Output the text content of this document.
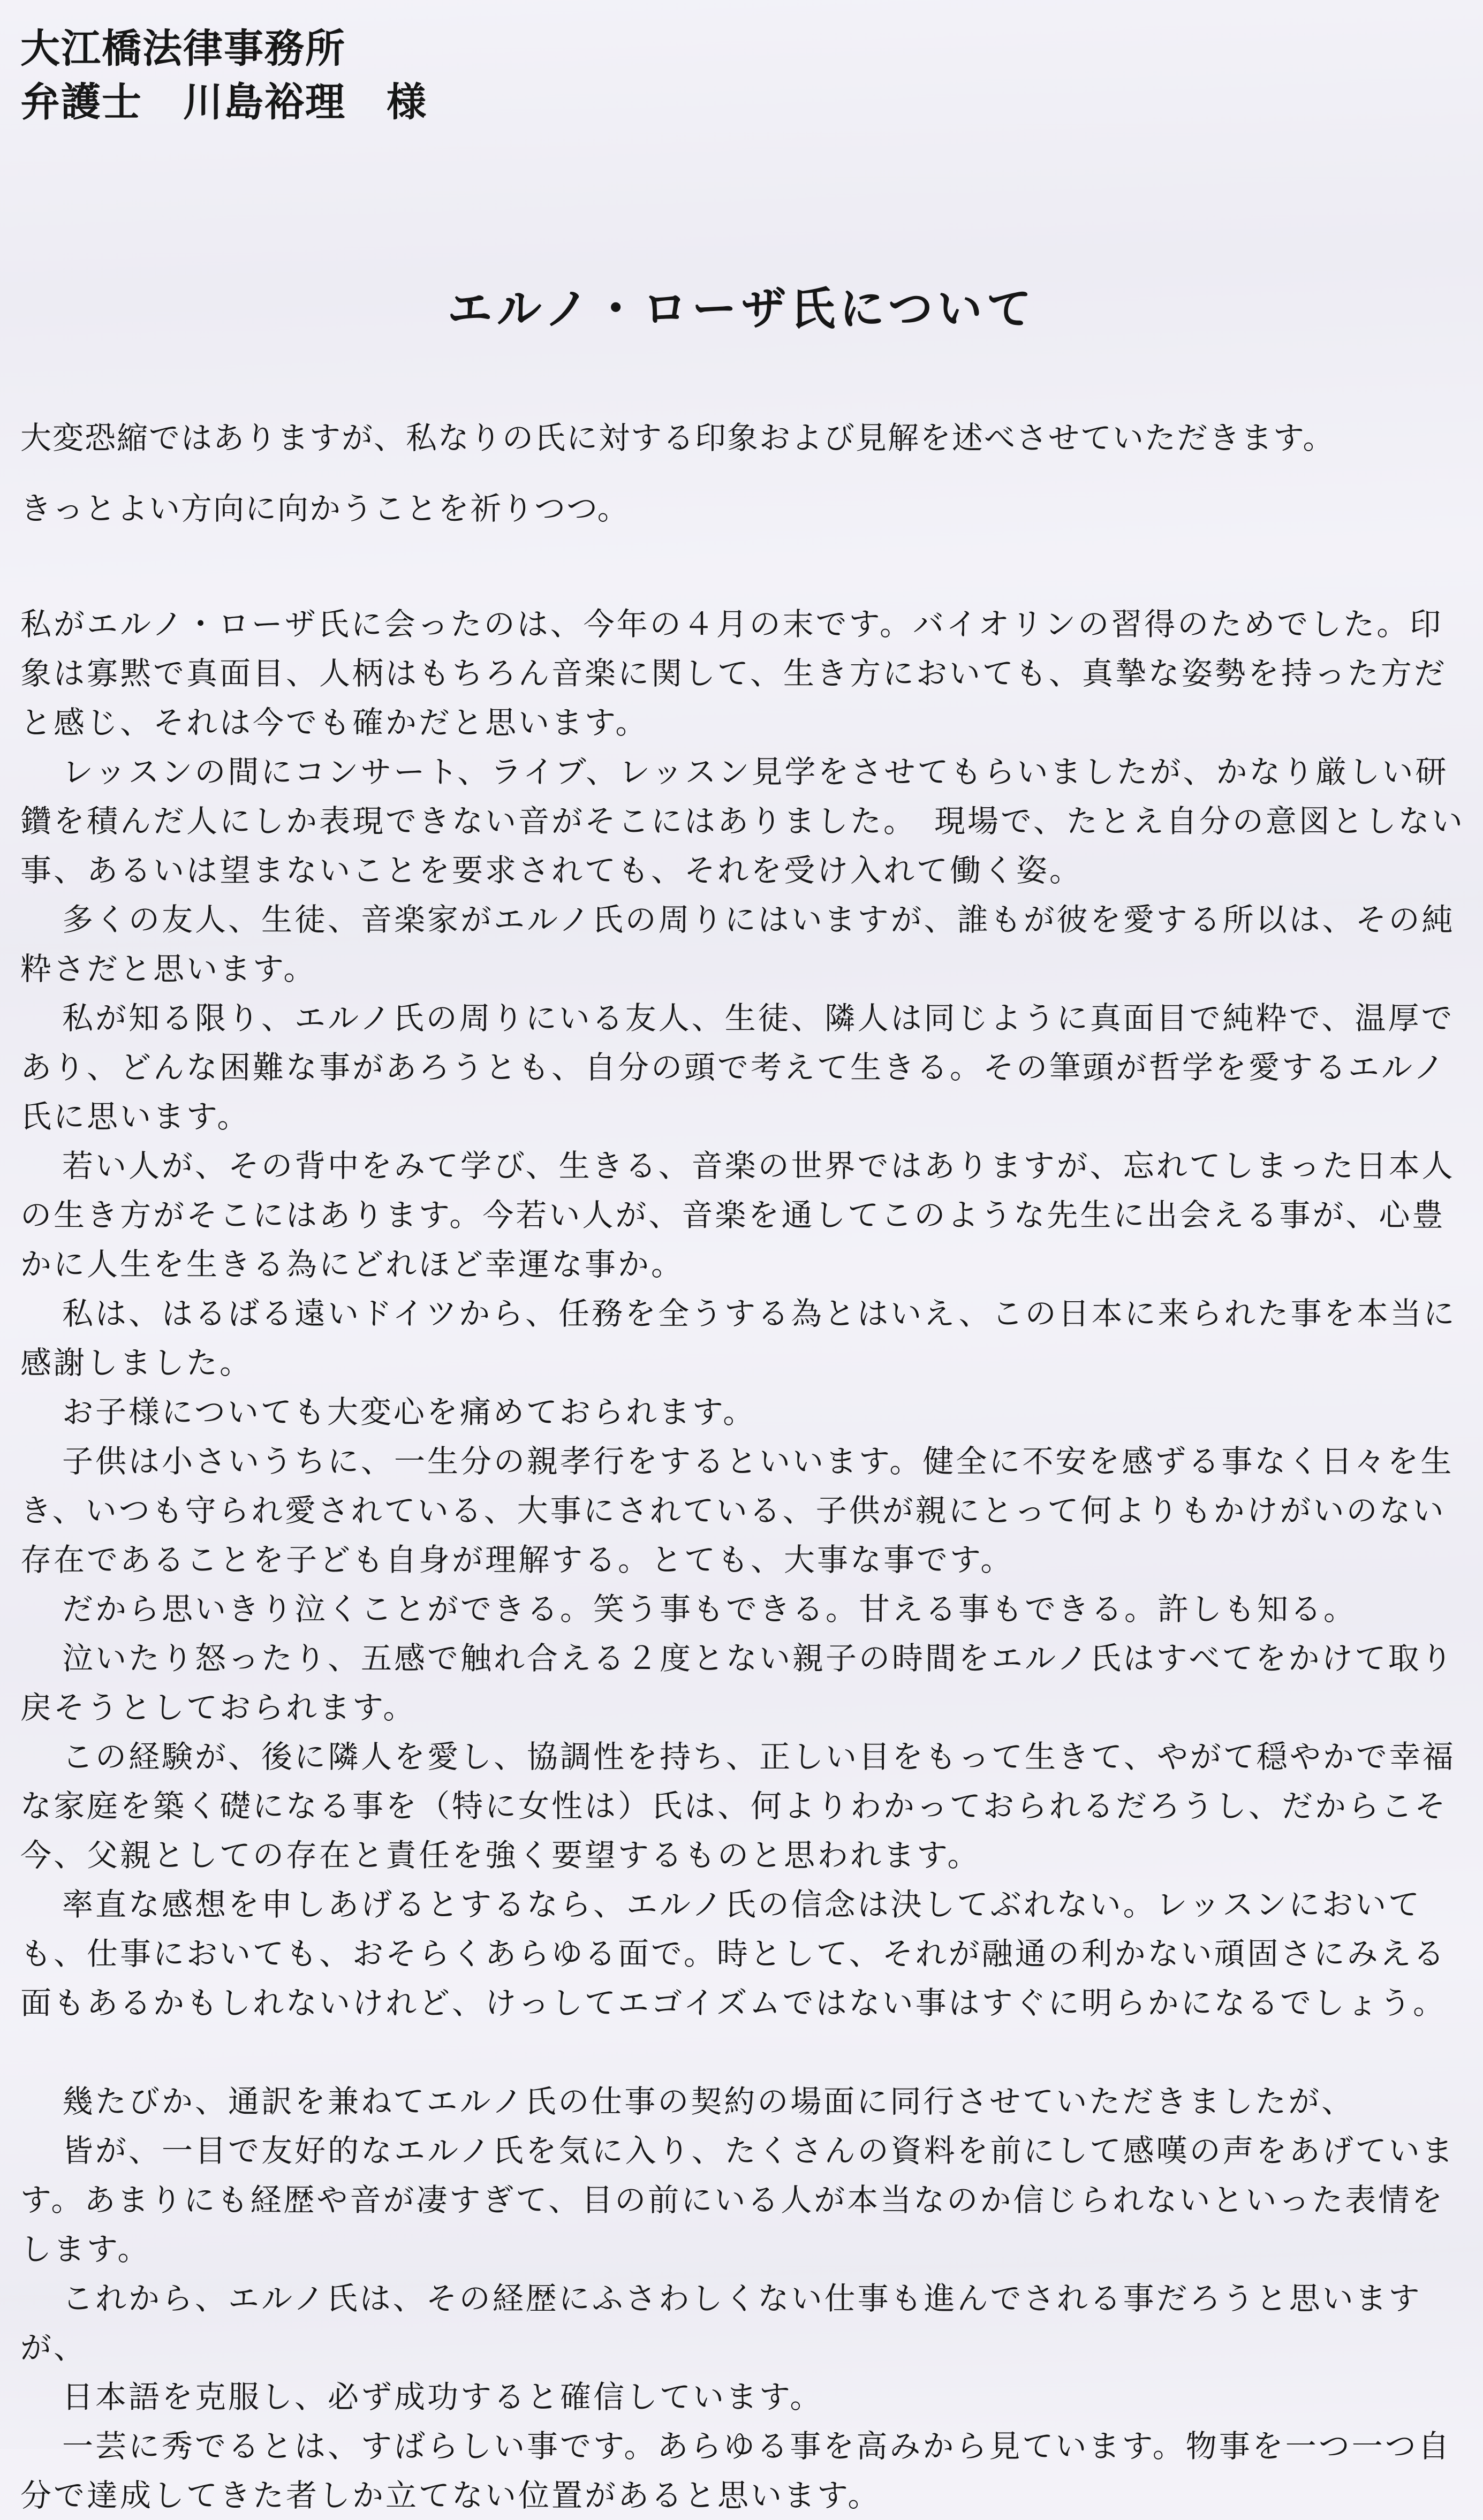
大江橋法律事務所

弁護士　川島裕理　様

エルノ・ローザ氏について

大変恐縮ではありますが、私なりの氏に対する印象および見解を述べさせていただきます。

きっとよい方向に向かうことを祈りつつ。

私がエルノ・ローザ氏に会ったのは、今年の４月の末です。バイオリンの習得のためでした。印象は寡黙で真面目、人柄はもちろん音楽に関して、生き方においても、真摯な姿勢を持った方だと感じ、それは今でも確かだと思います。

レッスンの間にコンサート、ライブ、レッスン見学をさせてもらいましたが、かなり厳しい研鑽を積んだ人にしか表現できない音がそこにはありました。　現場で、たとえ自分の意図としない事、あるいは望まないことを要求されても、それを受け入れて働く姿。

多くの友人、生徒、音楽家がエルノ氏の周りにはいますが、誰もが彼を愛する所以は、その純粋さだと思います。

私が知る限り、エルノ氏の周りにいる友人、生徒、隣人は同じように真面目で純粋で、温厚であり、どんな困難な事があろうとも、自分の頭で考えて生きる。その筆頭が哲学を愛するエルノ氏に思います。

若い人が、その背中をみて学び、生きる、音楽の世界ではありますが、忘れてしまった日本人の生き方がそこにはあります。今若い人が、音楽を通してこのような先生に出会える事が、心豊かに人生を生きる為にどれほど幸運な事か。

私は、はるばる遠いドイツから、任務を全うする為とはいえ、この日本に来られた事を本当に感謝しました。

お子様についても大変心を痛めておられます。

子供は小さいうちに、一生分の親孝行をするといいます。健全に不安を感ずる事なく日々を生き、いつも守られ愛されている、大事にされている、子供が親にとって何よりもかけがいのない存在であることを子ども自身が理解する。とても、大事な事です。

だから思いきり泣くことができる。笑う事もできる。甘える事もできる。許しも知る。

泣いたり怒ったり、五感で触れ合える２度とない親子の時間をエルノ氏はすべてをかけて取り戻そうとしておられます。

この経験が、後に隣人を愛し、協調性を持ち、正しい目をもって生きて、やがて穏やかで幸福な家庭を築く礎になる事を（特に女性は）氏は、何よりわかっておられるだろうし、だからこそ今、父親としての存在と責任を強く要望するものと思われます。

率直な感想を申しあげるとするなら、エルノ氏の信念は決してぶれない。レッスンにおいても、仕事においても、おそらくあらゆる面で。時として、それが融通の利かない頑固さにみえる面もあるかもしれないけれど、けっしてエゴイズムではない事はすぐに明らかになるでしょう。

幾たびか、通訳を兼ねてエルノ氏の仕事の契約の場面に同行させていただきましたが、

皆が、一目で友好的なエルノ氏を気に入り、たくさんの資料を前にして感嘆の声をあげています。あまりにも経歴や音が凄すぎて、目の前にいる人が本当なのか信じられないといった表情をします。

これから、エルノ氏は、その経歴にふさわしくない仕事も進んでされる事だろうと思いますが、

日本語を克服し、必ず成功すると確信しています。

一芸に秀でるとは、すばらしい事です。あらゆる事を高みから見ています。物事を一つ一つ自分で達成してきた者しか立てない位置があると思います。
